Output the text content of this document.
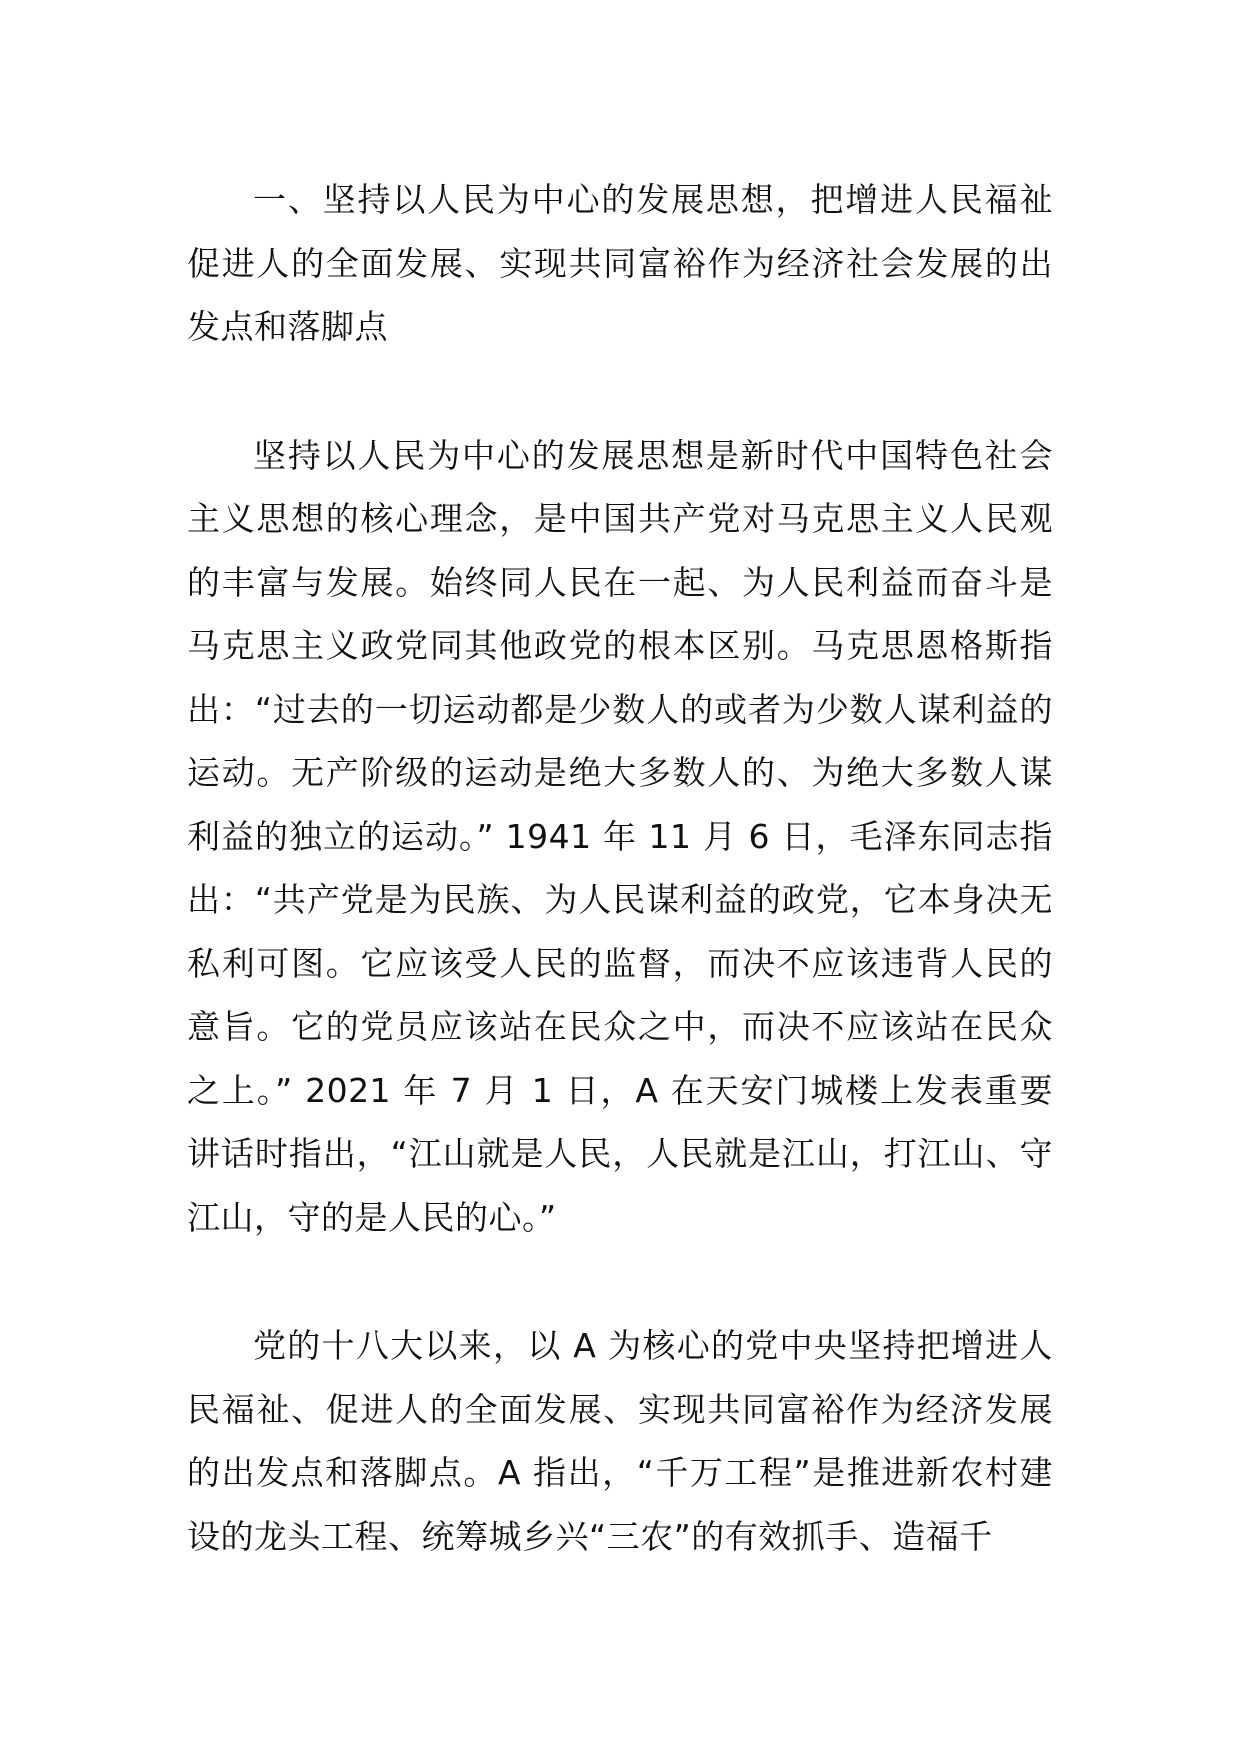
一、坚持以人民为中心的发展思想，把增进人民福祉促进人的全面发展、实现共同富裕作为经济社会发展的出发点和落脚点

坚持以人民为中心的发展思想是新时代中国特色社会主义思想的核心理念，是中国共产党对马克思主义人民观的丰富与发展。始终同人民在一起、为人民利益而奋斗是马克思主义政党同其他政党的根本区别。马克思恩格斯指出：“过去的一切运动都是少数人的或者为少数人谋利益的运动。无产阶级的运动是绝大多数人的、为绝大多数人谋利益的独立的运动。” 1941 年 11 月 6 日，毛泽东同志指出：“共产党是为民族、为人民谋利益的政党，它本身决无私利可图。它应该受人民的监督，而决不应该违背人民的意旨。它的党员应该站在民众之中，而决不应该站在民众之上。” 2021 年 7 月 1 日，A 在天安门城楼上发表重要讲话时指出，“江山就是人民，人民就是江山，打江山、守江山，守的是人民的心。”

党的十八大以来，以 A 为核心的党中央坚持把增进人民福祉、促进人的全面发展、实现共同富裕作为经济发展的出发点和落脚点。A 指出，“千万工程”是推进新农村建设的龙头工程、统筹城乡兴“三农”的有效抓手、造福千
